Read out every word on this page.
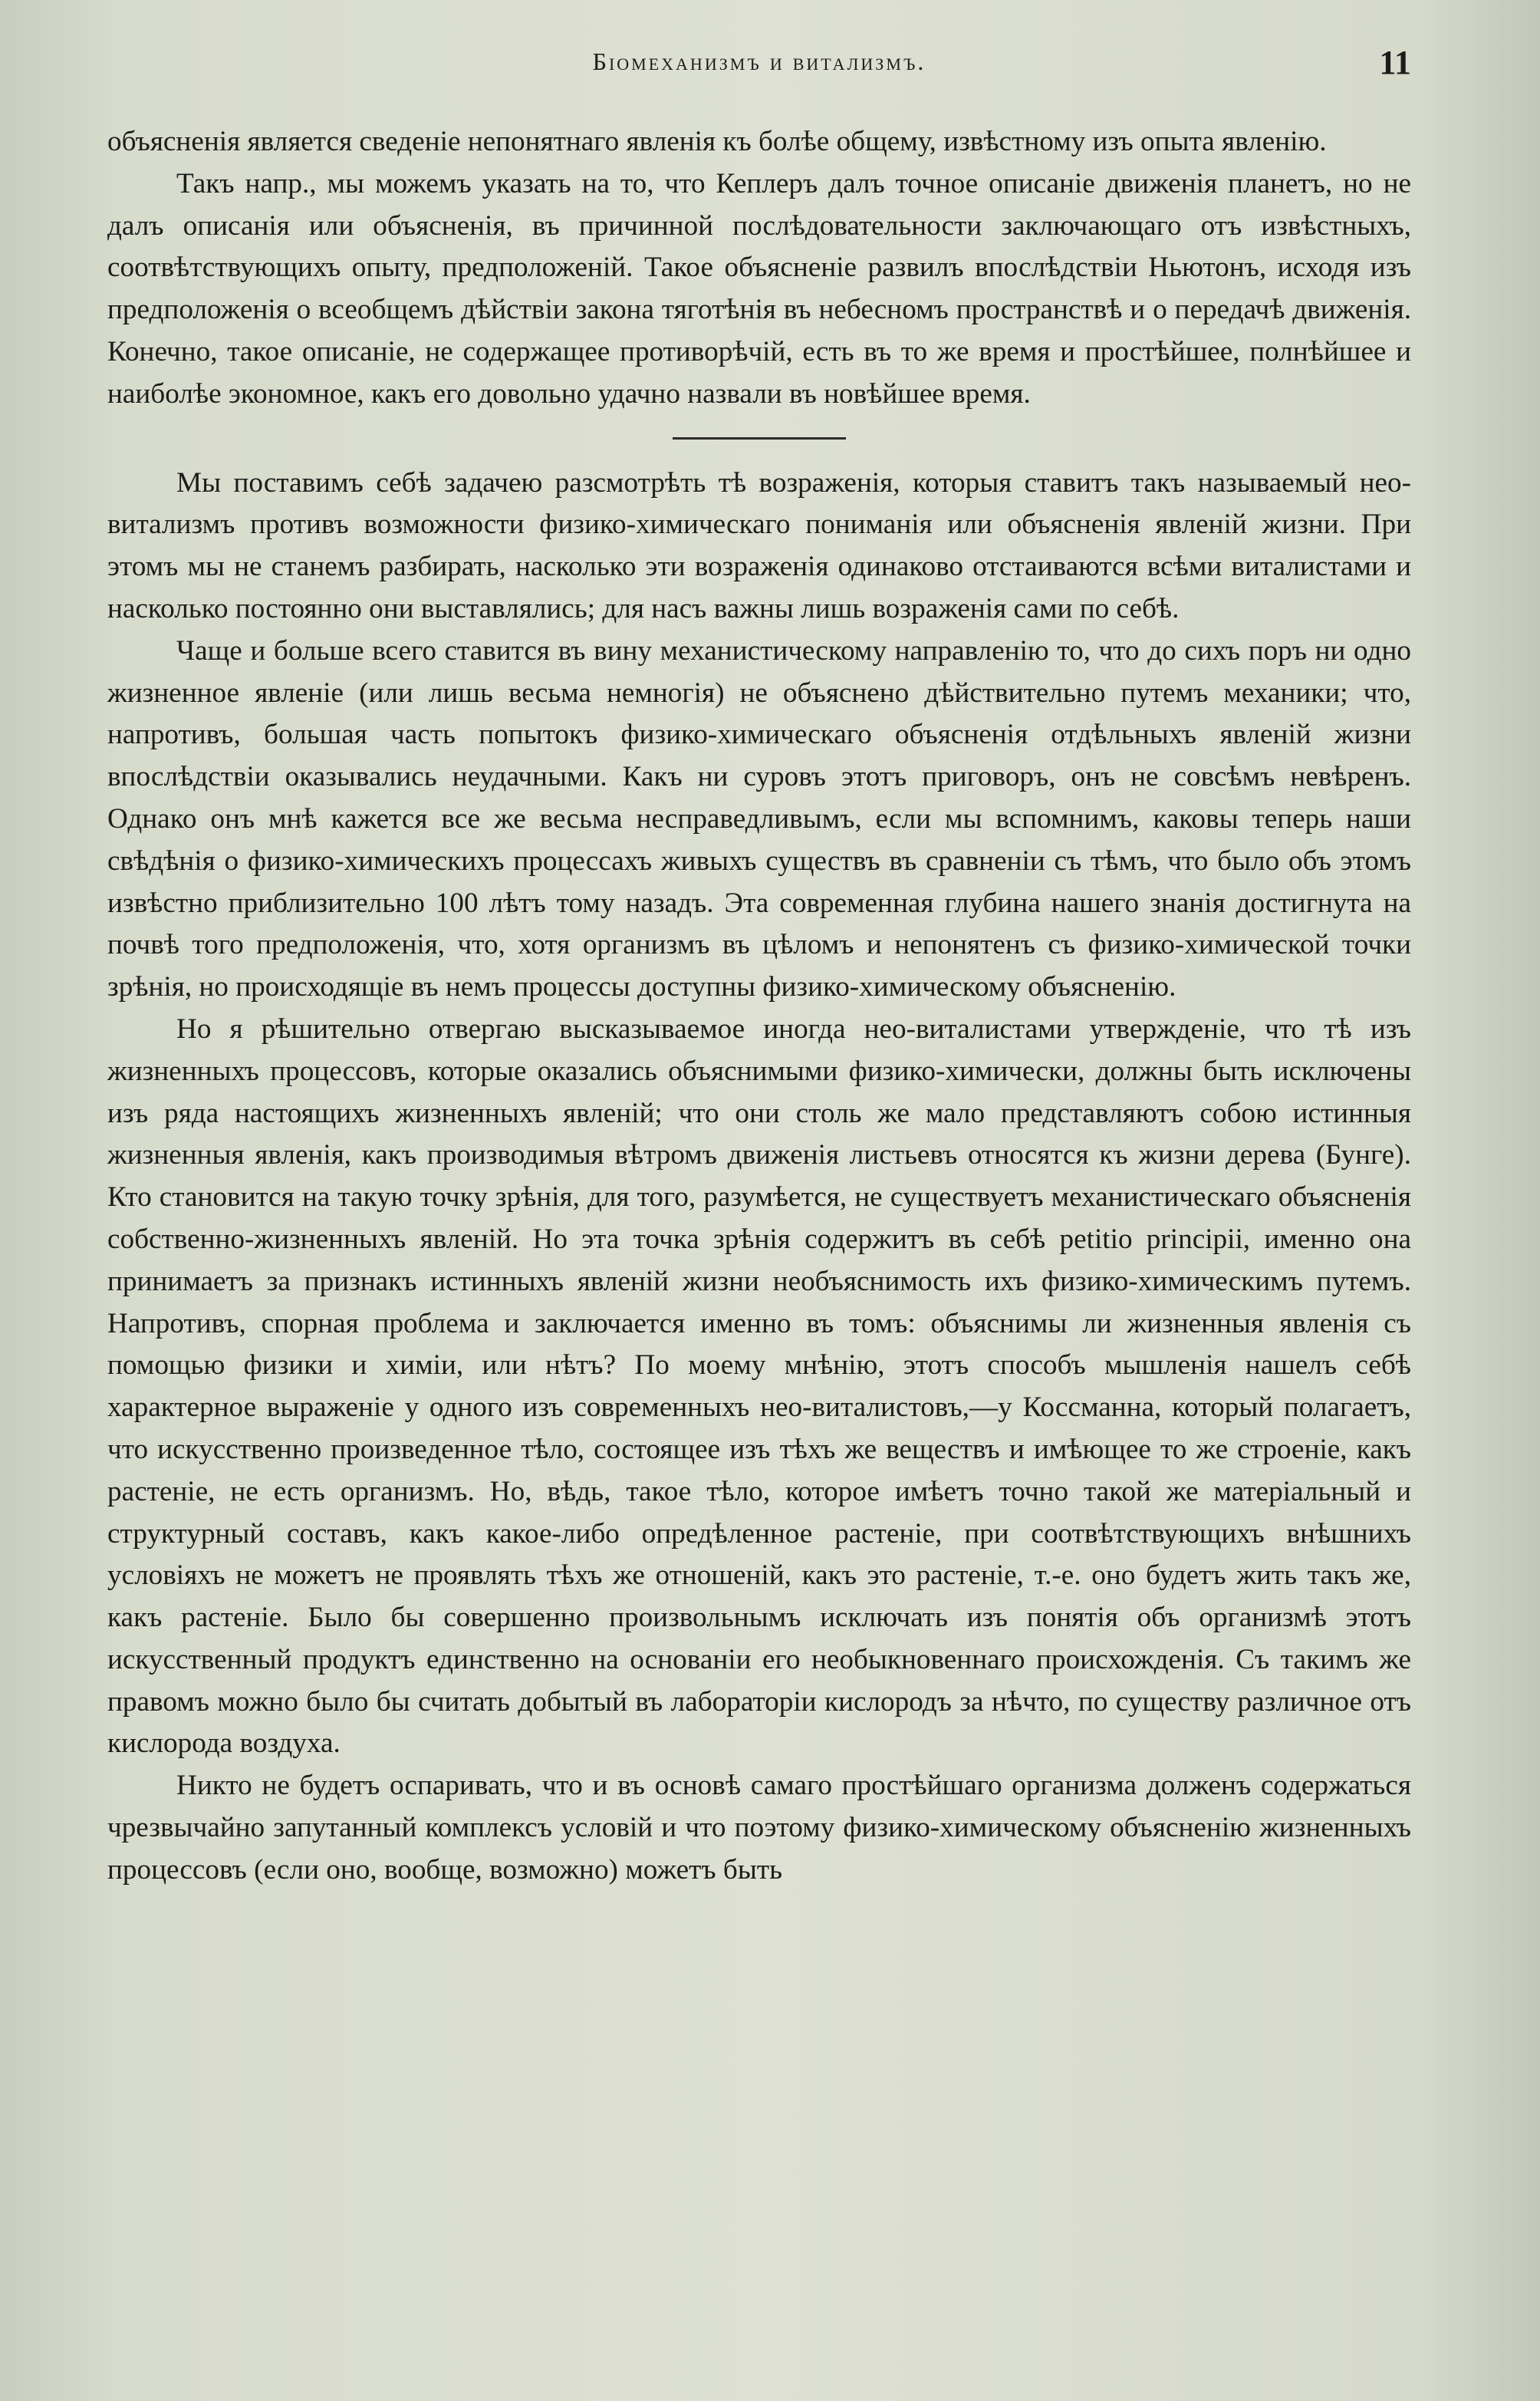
Біомеханизмъ и витализмъ.	11

объясненія является сведеніе непонятнаго явленія къ болѣе общему, извѣстному изъ опыта явленію.

Такъ напр., мы можемъ указать на то, что Кеплеръ далъ точное описаніе движенія планетъ, но не далъ описанія или объясненія, въ причинной послѣдовательности заключающаго отъ извѣстныхъ, соотвѣтствующихъ опыту, предположеній. Такое объясненіе развилъ впослѣдствіи Ньютонъ, исходя изъ предположенія о всеобщемъ дѣйствіи закона тяготѣнія въ небесномъ пространствѣ и о передачѣ движенія. Конечно, такое описаніе, не содержащее противорѣчій, есть въ то же время и простѣйшее, полнѣйшее и наиболѣе экономное, какъ его довольно удачно назвали въ новѣйшее время.

Мы поставимъ себѣ задачею разсмотрѣть тѣ возраженія, которыя ставитъ такъ называемый нео-витализмъ противъ возможности физико-химическаго пониманія или объясненія явленій жизни. При этомъ мы не станемъ разбирать, насколько эти возраженія одинаково отстаиваются всѣми виталистами и насколько постоянно они выставлялись; для насъ важны лишь возраженія сами по себѣ.

Чаще и больше всего ставится въ вину механистическому направленію то, что до сихъ поръ ни одно жизненное явленіе (или лишь весьма немногія) не объяснено дѣйствительно путемъ механики; что, напротивъ, большая часть попытокъ физико-химическаго объясненія отдѣльныхъ явленій жизни впослѣдствіи оказывались неудачными. Какъ ни суровъ этотъ приговоръ, онъ не совсѣмъ невѣренъ. Однако онъ мнѣ кажется все же весьма несправедливымъ, если мы вспомнимъ, каковы теперь наши свѣдѣнія о физико-химическихъ процессахъ живыхъ существъ въ сравненіи съ тѣмъ, что было объ этомъ извѣстно приблизительно 100 лѣтъ тому назадъ. Эта современная глубина нашего знанія достигнута на почвѣ того предположенія, что, хотя организмъ въ цѣломъ и непонятенъ съ физико-химической точки зрѣнія, но происходящіе въ немъ процессы доступны физико-химическому объясненію.

Но я рѣшительно отвергаю высказываемое иногда нео-виталистами утвержденіе, что тѣ изъ жизненныхъ процессовъ, которые оказались объяснимыми физико-химически, должны быть исключены изъ ряда настоящихъ жизненныхъ явленій; что они столь же мало представляютъ собою истинныя жизненныя явленія, какъ производимыя вѣтромъ движенія листьевъ относятся къ жизни дерева (Бунге). Кто становится на такую точку зрѣнія, для того, разумѣется, не существуетъ механистическаго объясненія собственно-жизненныхъ явленій. Но эта точка зрѣнія содержитъ въ себѣ petitio principii, именно она принимаетъ за признакъ истинныхъ явленій жизни необъяснимость ихъ физико-химическимъ путемъ. Напротивъ, спорная проблема и заключается именно въ томъ: объяснимы ли жизненныя явленія съ помощью физики и химіи, или нѣтъ? По моему мнѣнію, этотъ способъ мышленія нашелъ себѣ характерное выраженіе у одного изъ современныхъ нео-виталистовъ,—у Коссманна, который полагаетъ, что искусственно произведенное тѣло, состоящее изъ тѣхъ же веществъ и имѣющее то же строеніе, какъ растеніе, не есть организмъ. Но, вѣдь, такое тѣло, которое имѣетъ точно такой же матеріальный и структурный составъ, какъ какое-либо опредѣленное растеніе, при соотвѣтствующихъ внѣшнихъ условіяхъ не можетъ не проявлять тѣхъ же отношеній, какъ это растеніе, т.-е. оно будетъ жить такъ же, какъ растеніе. Было бы совершенно произвольнымъ исключать изъ понятія объ организмѣ этотъ искусственный продуктъ единственно на основаніи его необыкновеннаго происхожденія. Съ такимъ же правомъ можно было бы считать добытый въ лабораторіи кислородъ за нѣчто, по существу различное отъ кислорода воздуха.

Никто не будетъ оспаривать, что и въ основѣ самаго простѣйшаго организма долженъ содержаться чрезвычайно запутанный комплексъ условій и что поэтому физико-химическому объясненію жизненныхъ процессовъ (если оно, вообще, возможно) можетъ быть
